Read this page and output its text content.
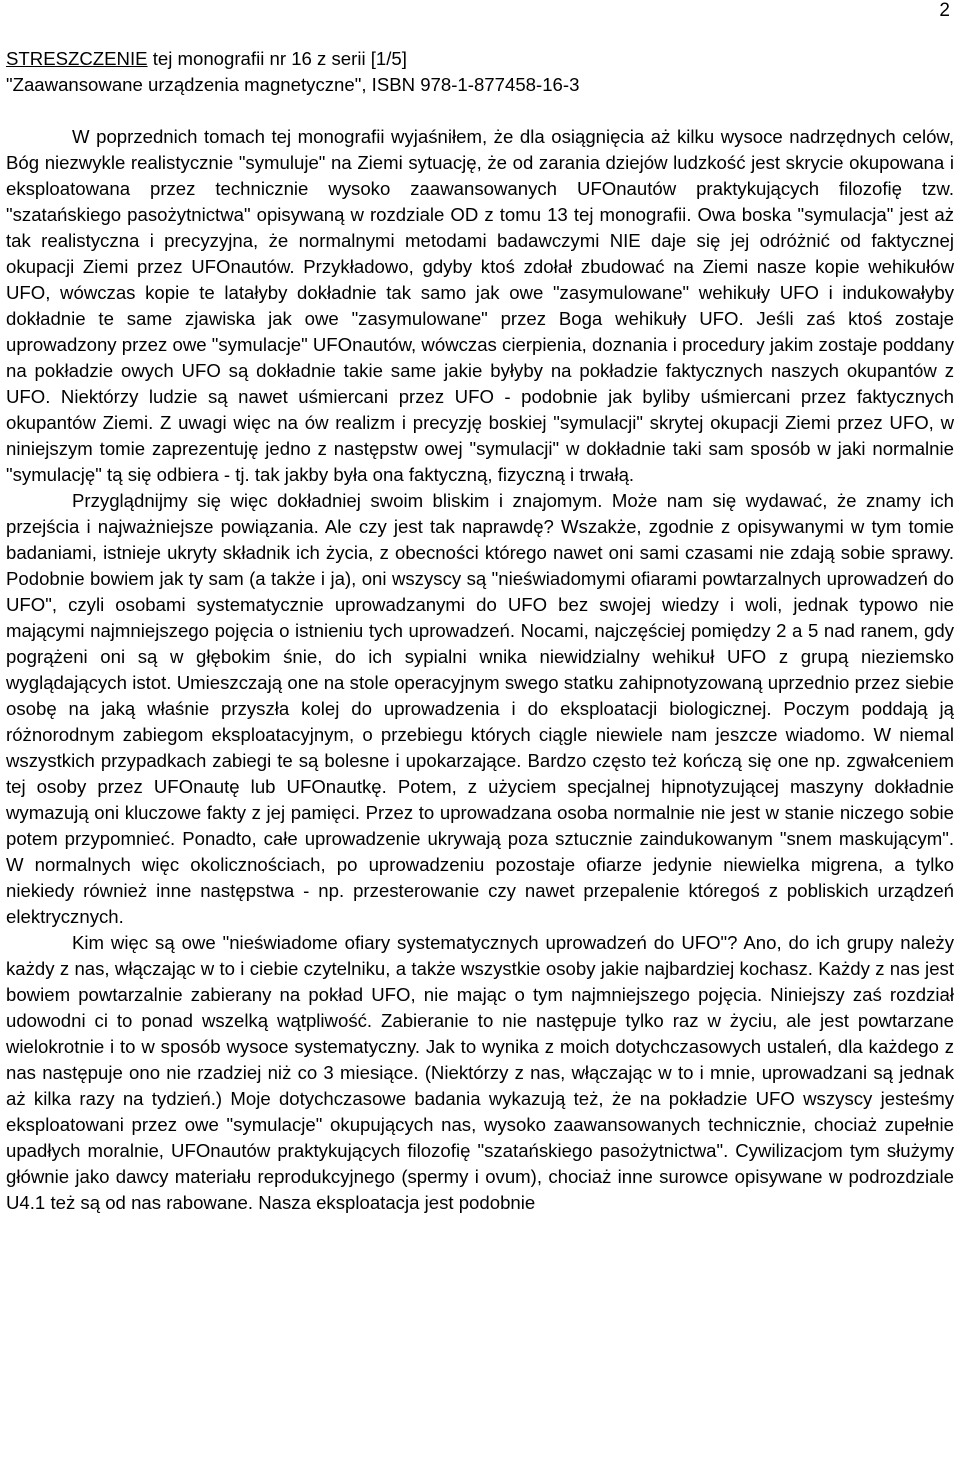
2
STRESZCZENIE tej monografii nr 16 z serii [1/5]
"Zaawansowane urządzenia magnetyczne", ISBN 978-1-877458-16-3

W poprzednich tomach tej monografii wyjaśniłem, że dla osiągnięcia aż kilku wysoce nadrzędnych celów, Bóg niezwykle realistycznie "symuluje" na Ziemi sytuację, że od zarania dziejów ludzkość jest skrycie okupowana i eksploatowana przez technicznie wysoko zaawansowanych UFOnautów praktykujących filozofię tzw. "szatańskiego pasożytnictwa" opisywaną w rozdziale OD z tomu 13 tej monografii. Owa boska "symulacja" jest aż tak realistyczna i precyzyjna, że normalnymi metodami badawczymi NIE daje się jej odróżnić od faktycznej okupacji Ziemi przez UFOnautów. Przykładowo, gdyby ktoś zdołał zbudować na Ziemi nasze kopie wehikułów UFO, wówczas kopie te latałyby dokładnie tak samo jak owe "zasymulowane" wehikuły UFO i indukowałyby dokładnie te same zjawiska jak owe "zasymulowane" przez Boga wehikuły UFO. Jeśli zaś ktoś zostaje uprowadzony przez owe "symulacje" UFOnautów, wówczas cierpienia, doznania i procedury jakim zostaje poddany na pokładzie owych UFO są dokładnie takie same jakie byłyby na pokładzie faktycznych naszych okupantów z UFO. Niektórzy ludzie są nawet uśmiercani przez UFO - podobnie jak byliby uśmiercani przez faktycznych okupantów Ziemi. Z uwagi więc na ów realizm i precyzję boskiej "symulacji" skrytej okupacji Ziemi przez UFO, w niniejszym tomie zaprezentuję jedno z następstw owej "symulacji" w dokładnie taki sam sposób w jaki normalnie "symulację" tą się odbiera - tj. tak jakby była ona faktyczną, fizyczną i trwałą.

Przyglądnijmy się więc dokładniej swoim bliskim i znajomym. Może nam się wydawać, że znamy ich przejścia i najważniejsze powiązania. Ale czy jest tak naprawdę? Wszakże, zgodnie z opisywanymi w tym tomie badaniami, istnieje ukryty składnik ich życia, z obecności którego nawet oni sami czasami nie zdają sobie sprawy. Podobnie bowiem jak ty sam (a także i ja), oni wszyscy są "nieświadomymi ofiarami powtarzalnych uprowadzeń do UFO", czyli osobami systematycznie uprowadzanymi do UFO bez swojej wiedzy i woli, jednak typowo nie mającymi najmniejszego pojęcia o istnieniu tych uprowadzeń. Nocami, najczęściej pomiędzy 2 a 5 nad ranem, gdy pogrążeni oni są w głębokim śnie, do ich sypialni wnika niewidzialny wehikuł UFO z grupą nieziemsko wyglądających istot. Umieszczają one na stole operacyjnym swego statku zahipnotyzowaną uprzednio przez siebie osobę na jaką właśnie przyszła kolej do uprowadzenia i do eksploatacji biologicznej. Poczym poddają ją różnorodnym zabiegom eksploatacyjnym, o przebiegu których ciągle niewiele nam jeszcze wiadomo. W niemal wszystkich przypadkach zabiegi te są bolesne i upokarzające. Bardzo często też kończą się one np. zgwałceniem tej osoby przez UFOnautę lub UFOnautkę. Potem, z użyciem specjalnej hipnotyzującej maszyny dokładnie wymazują oni kluczowe fakty z jej pamięci. Przez to uprowadzana osoba normalnie nie jest w stanie niczego sobie potem przypomnieć. Ponadto, całe uprowadzenie ukrywają poza sztucznie zaindukowanym "snem maskującym". W normalnych więc okolicznościach, po uprowadzeniu pozostaje ofiarze jedynie niewielka migrena, a tylko niekiedy również inne następstwa - np. przesterowanie czy nawet przepalenie któregoś z pobliskich urządzeń elektrycznych.

Kim więc są owe "nieświadome ofiary systematycznych uprowadzeń do UFO"? Ano, do ich grupy należy każdy z nas, włączając w to i ciebie czytelniku, a także wszystkie osoby jakie najbardziej kochasz. Każdy z nas jest bowiem powtarzalnie zabierany na pokład UFO, nie mając o tym najmniejszego pojęcia. Niniejszy zaś rozdział udowodni ci to ponad wszelką wątpliwość. Zabieranie to nie następuje tylko raz w życiu, ale jest powtarzane wielokrotnie i to w sposób wysoce systematyczny. Jak to wynika z moich dotychczasowych ustaleń, dla każdego z nas następuje ono nie rzadziej niż co 3 miesiące. (Niektórzy z nas, włączając w to i mnie, uprowadzani są jednak aż kilka razy na tydzień.) Moje dotychczasowe badania wykazują też, że na pokładzie UFO wszyscy jesteśmy eksploatowani przez owe "symulacje" okupujących nas, wysoko zaawansowanych technicznie, chociaż zupełnie upadłych moralnie, UFOnautów praktykujących filozofię "szatańskiego pasożytnictwa". Cywilizacjom tym służymy głównie jako dawcy materiału reprodukcyjnego (spermy i ovum), chociaż inne surowce opisywane w podrozdziale U4.1 też są od nas rabowane. Nasza eksploatacja jest podobnie
